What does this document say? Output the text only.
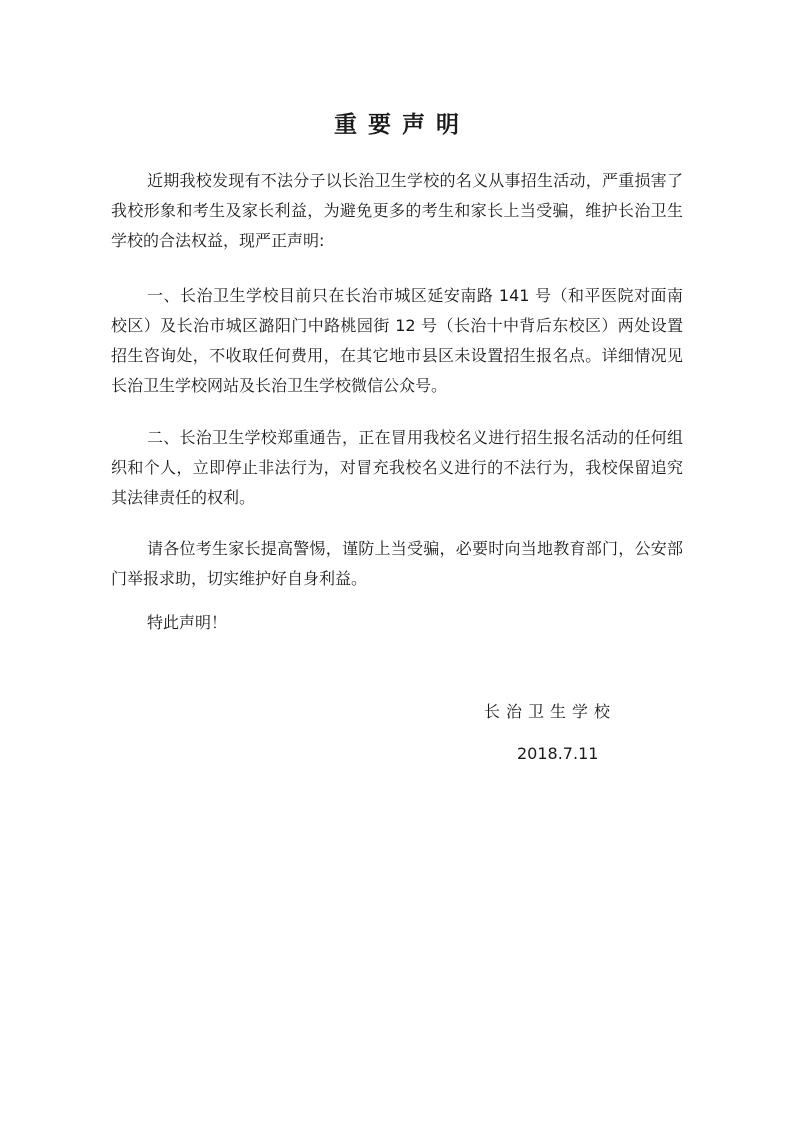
重要声明

近期我校发现有不法分子以长治卫生学校的名义从事招生活动，严重损害了我校形象和考生及家长利益，为避免更多的考生和家长上当受骗，维护长治卫生学校的合法权益，现严正声明:

一、长治卫生学校目前只在长治市城区延安南路 141 号（和平医院对面南校区）及长治市城区潞阳门中路桃园街 12 号（长治十中背后东校区）两处设置招生咨询处，不收取任何费用，在其它地市县区未设置招生报名点。详细情况见长治卫生学校网站及长治卫生学校微信公众号。

二、长治卫生学校郑重通告，正在冒用我校名义进行招生报名活动的任何组织和个人，立即停止非法行为，对冒充我校名义进行的不法行为，我校保留追究其法律责任的权利。

请各位考生家长提高警惕，谨防上当受骗，必要时向当地教育部门，公安部门举报求助，切实维护好自身利益。

特此声明！

长治卫生学校
2018.7.11
